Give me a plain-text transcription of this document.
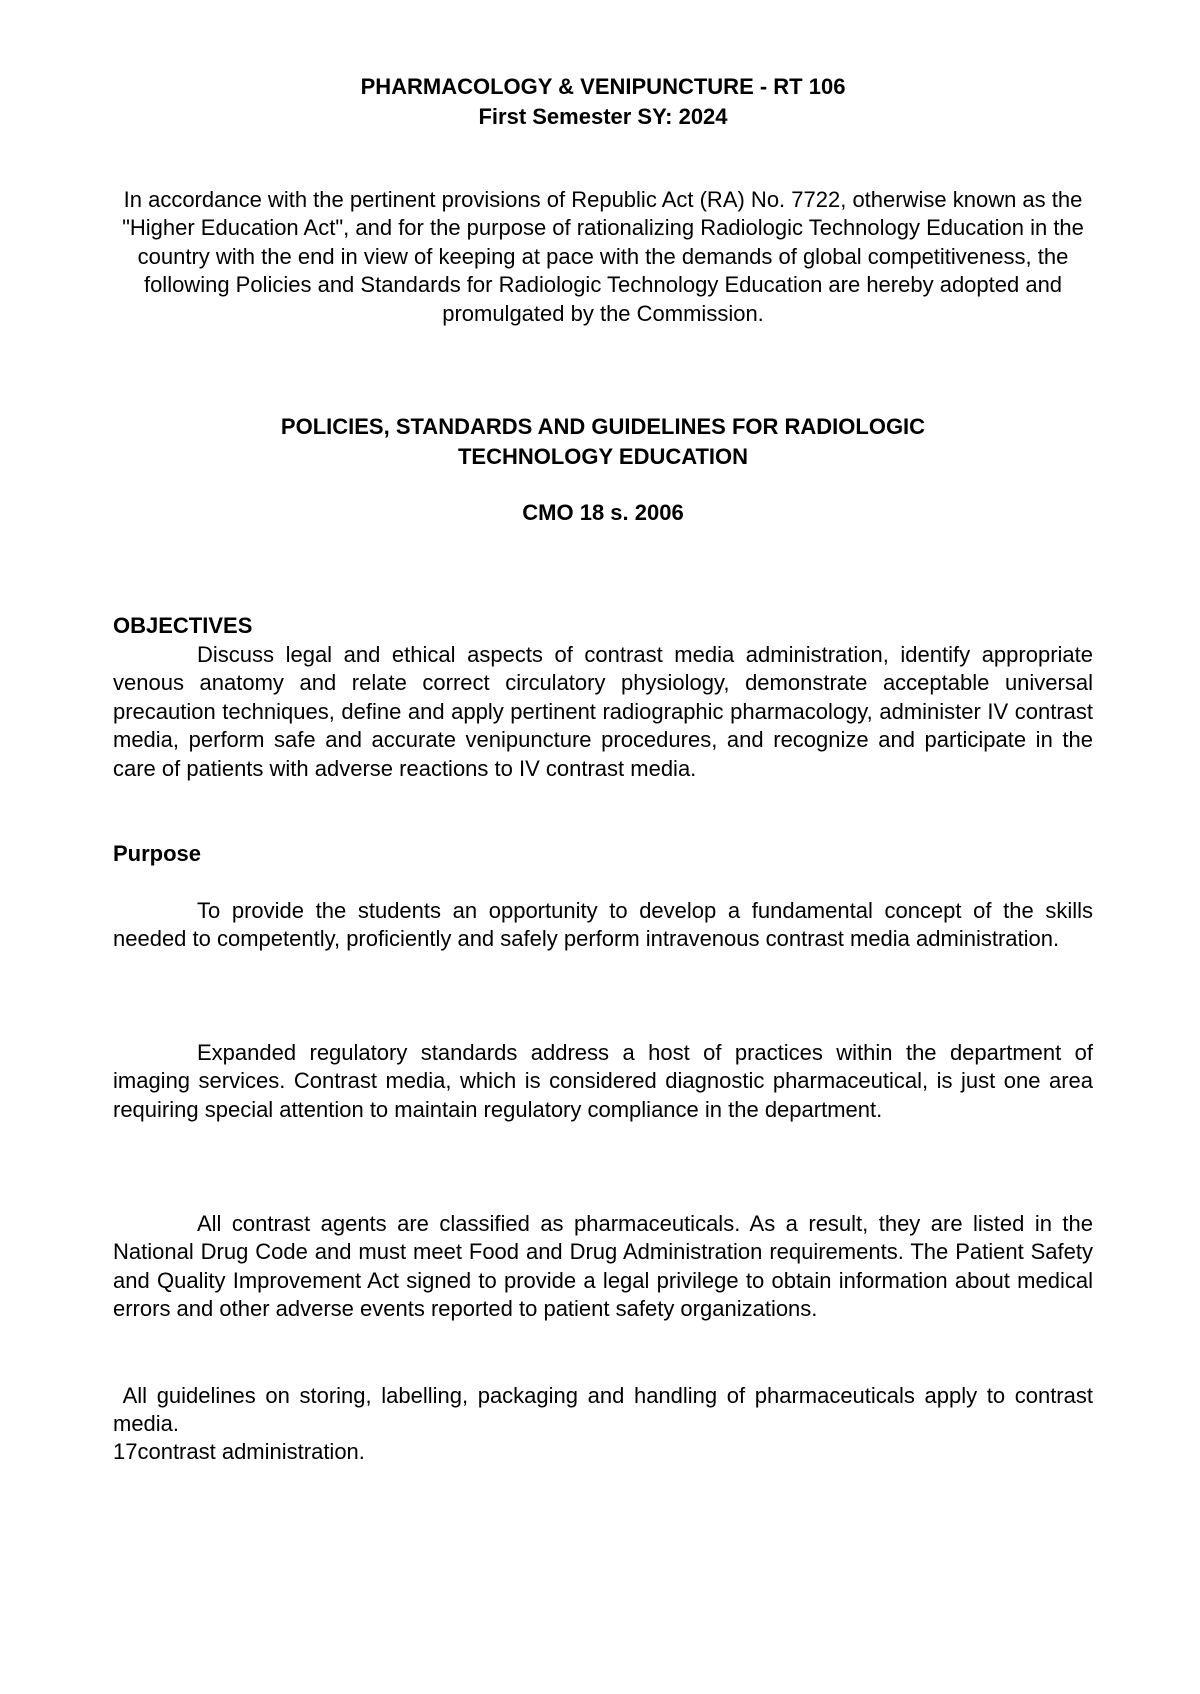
PHARMACOLOGY & VENIPUNCTURE - RT 106
First Semester SY: 2024
In accordance with the pertinent provisions of Republic Act (RA) No. 7722, otherwise known as the "Higher Education Act", and for the purpose of rationalizing Radiologic Technology Education in the country with the end in view of keeping at pace with the demands of global competitiveness, the following Policies and Standards for Radiologic Technology Education are hereby adopted and promulgated by the Commission.
POLICIES, STANDARDS AND GUIDELINES FOR RADIOLOGIC
TECHNOLOGY EDUCATION
CMO 18 s. 2006
OBJECTIVES
Discuss legal and ethical aspects of contrast media administration, identify appropriate venous anatomy and relate correct circulatory physiology, demonstrate acceptable universal precaution techniques, define and apply pertinent radiographic pharmacology, administer IV contrast media, perform safe and accurate venipuncture procedures, and recognize and participate in the care of patients with adverse reactions to IV contrast media.
Purpose
To provide the students an opportunity to develop a fundamental concept of the skills needed to competently, proficiently and safely perform intravenous contrast media administration.
Expanded regulatory standards address a host of practices within the department of imaging services. Contrast media, which is considered diagnostic pharmaceutical, is just one area requiring special attention to maintain regulatory compliance in the department.
All contrast agents are classified as pharmaceuticals. As a result, they are listed in the National Drug Code and must meet Food and Drug Administration requirements. The Patient Safety and Quality Improvement Act signed to provide a legal privilege to obtain information about medical errors and other adverse events reported to patient safety organizations.
All guidelines on storing, labelling, packaging and handling of pharmaceuticals apply to contrast media.
17contrast administration.
